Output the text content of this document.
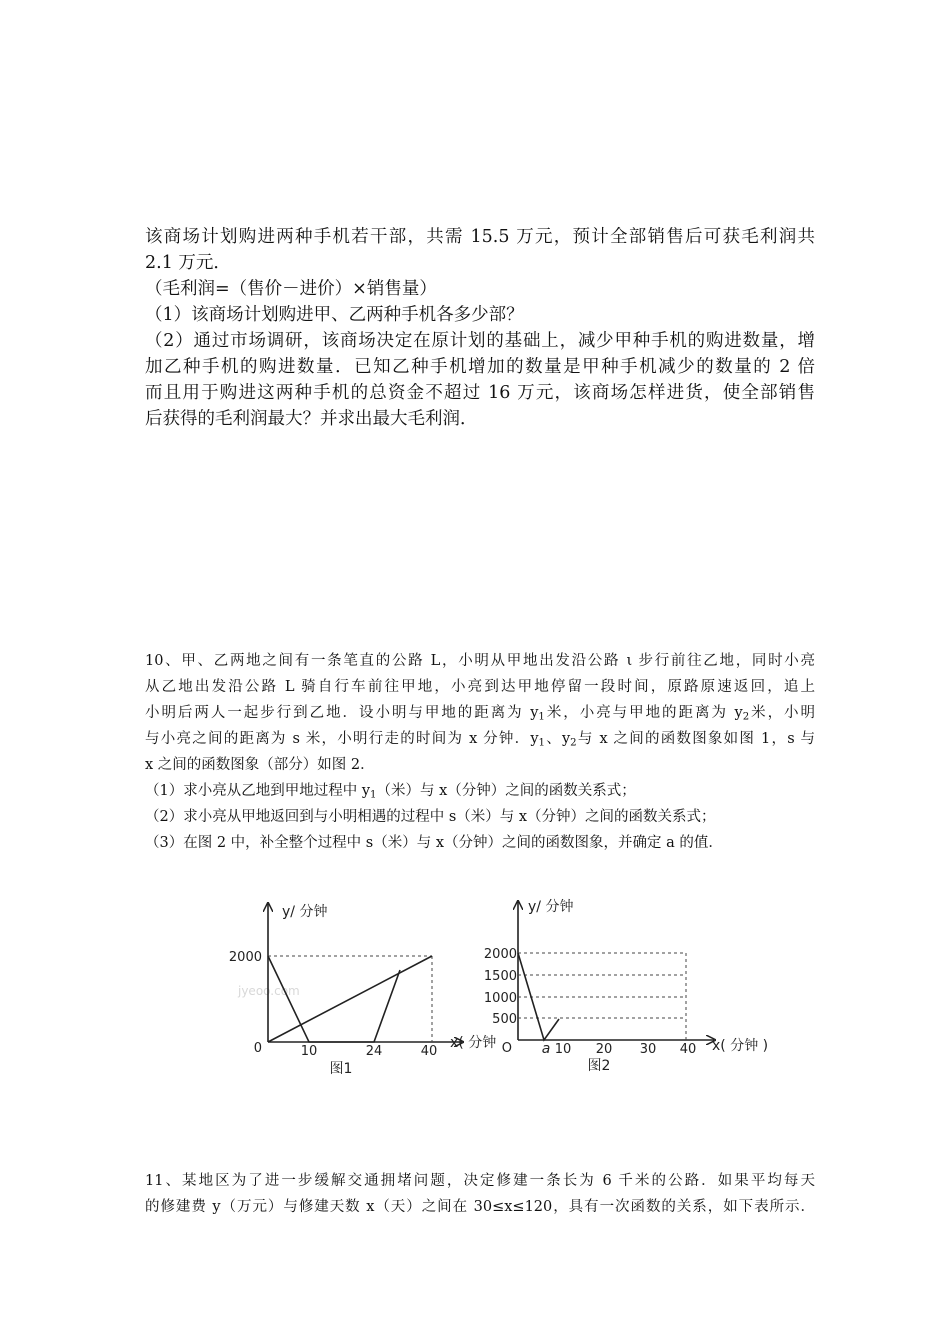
该商场计划购进两种手机若干部，共需 15.5 万元，预计全部销售后可获毛利润共
2.1 万元．
（毛利润=（售价－进价）×销售量）
（1）该商场计划购进甲、乙两种手机各多少部？
（2）通过市场调研，该商场决定在原计划的基础上，减少甲种手机的购进数量，增
加乙种手机的购进数量．已知乙种手机增加的数量是甲种手机减少的数量的 2 倍
而且用于购进这两种手机的总资金不超过 16 万元，该商场怎样进货，使全部销售
后获得的毛利润最大？并求出最大毛利润．
10、甲、乙两地之间有一条笔直的公路 L，小明从甲地出发沿公路 ι 步行前往乙地，同时小亮
从乙地出发沿公路 L 骑自行车前往甲地，小亮到达甲地停留一段时间，原路原速返回，追上
小明后两人一起步行到乙地．设小明与甲地的距离为 $y_1$米，小亮与甲地的距离为 $y_2$米，小明
与小亮之间的距离为 s 米，小明行走的时间为 x 分钟．$y_1$、$y_2$与 x 之间的函数图象如图 1，s 与
x 之间的函数图象（部分）如图 2．
（1）求小亮从乙地到甲地过程中 $y_1$（米）与 x（分钟）之间的函数关系式；
（2）求小亮从甲地返回到与小明相遇的过程中 s（米）与 x（分钟）之间的函数关系式；
（3）在图 2 中，补全整个过程中 s（米）与 x（分钟）之间的函数图象，并确定 a 的值．
jyeoo.com
y/ 分钟
2000
0	10	24	40
x( 分钟
图1
y/ 分钟
2000
1500
1000
500
O a 10 20 30 40 x( 分钟 )
图2
11、某地区为了进一步缓解交通拥堵问题，决定修建一条长为 6 千米的公路．如果平均每天
的修建费 y（万元）与修建天数 x（天）之间在 30≤x≤120，具有一次函数的关系，如下表所示．
